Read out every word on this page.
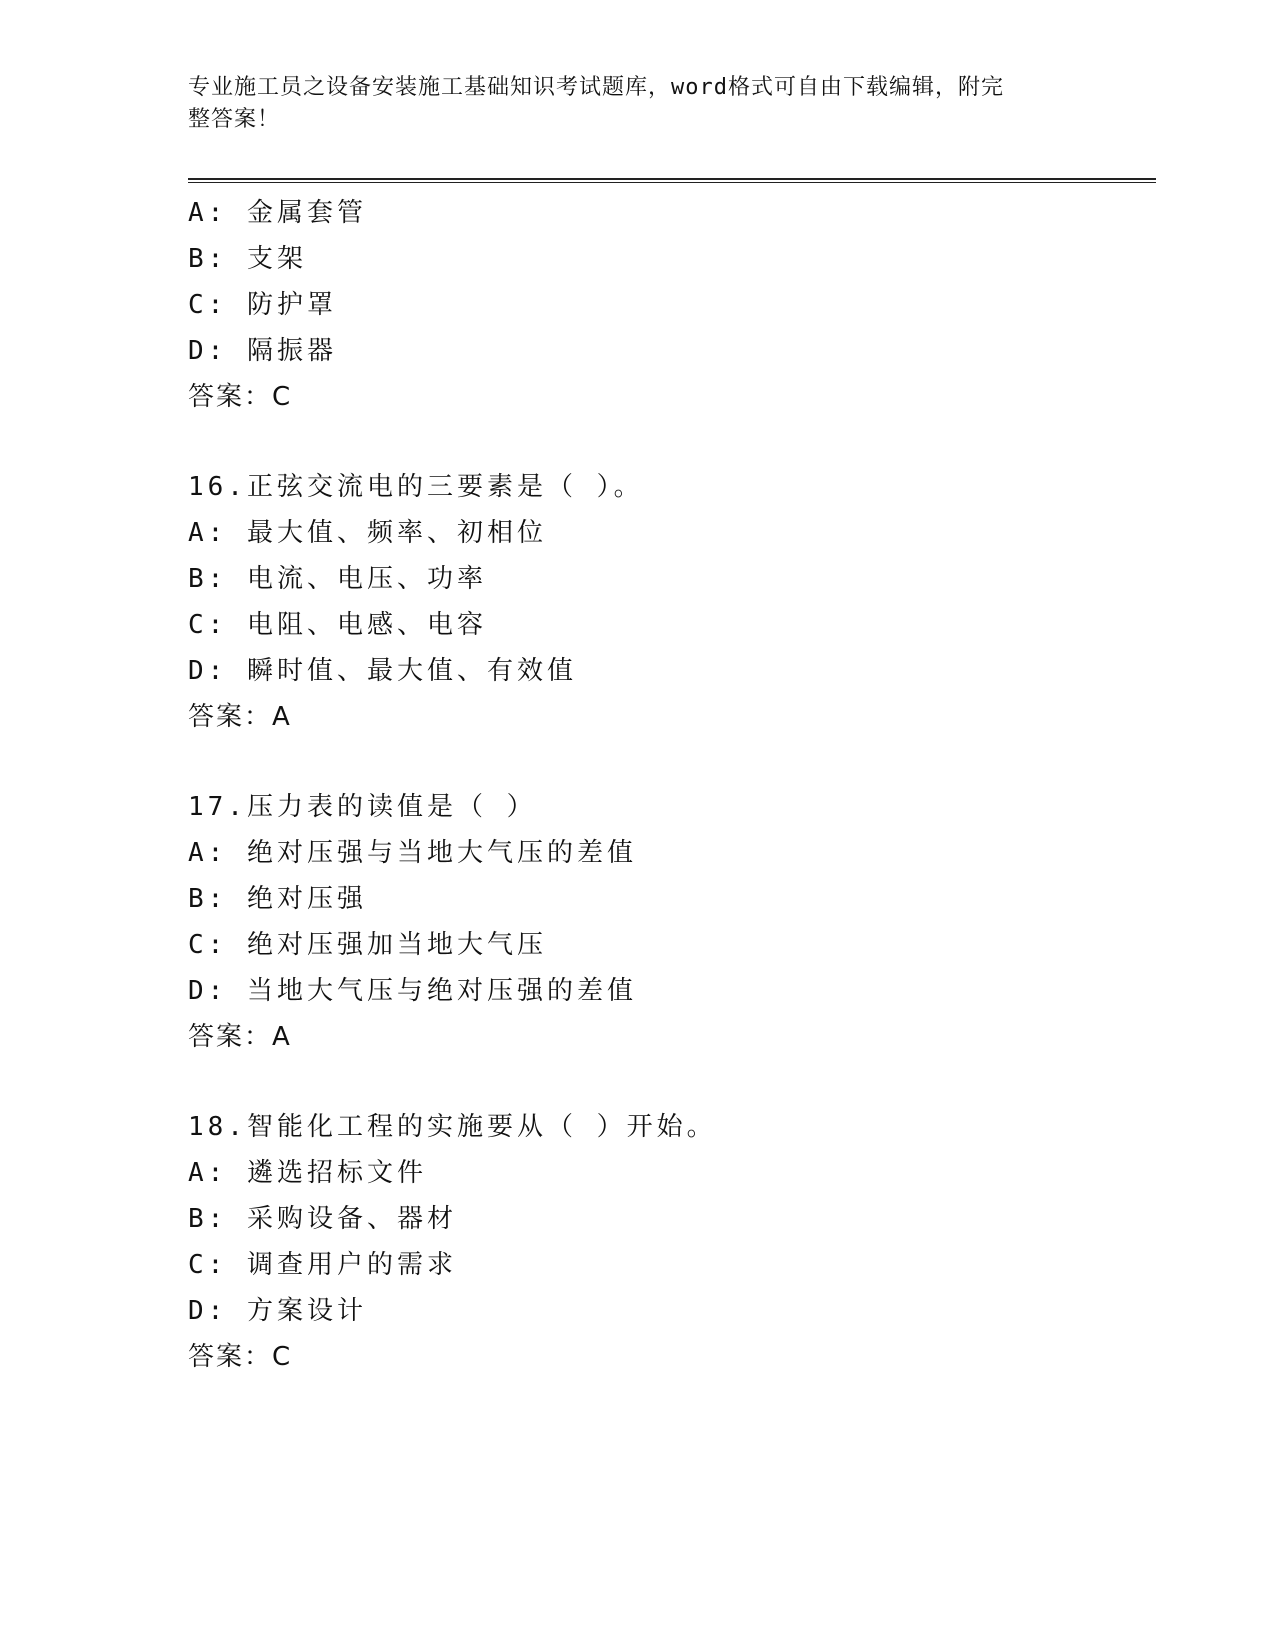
专业施工员之设备安装施工基础知识考试题库，word格式可自由下载编辑，附完
整答案！
A: 金属套管
B: 支架
C: 防护罩
D: 隔振器
答案：C
16.正弦交流电的三要素是（ ）。
A: 最大值、频率、初相位
B: 电流、电压、功率
C: 电阻、电感、电容
D: 瞬时值、最大值、有效值
答案：A
17.压力表的读值是（ ）
A: 绝对压强与当地大气压的差值
B: 绝对压强
C: 绝对压强加当地大气压
D: 当地大气压与绝对压强的差值
答案：A
18.智能化工程的实施要从（ ）开始。
A: 遴选招标文件
B: 采购设备、器材
C: 调查用户的需求
D: 方案设计
答案：C
